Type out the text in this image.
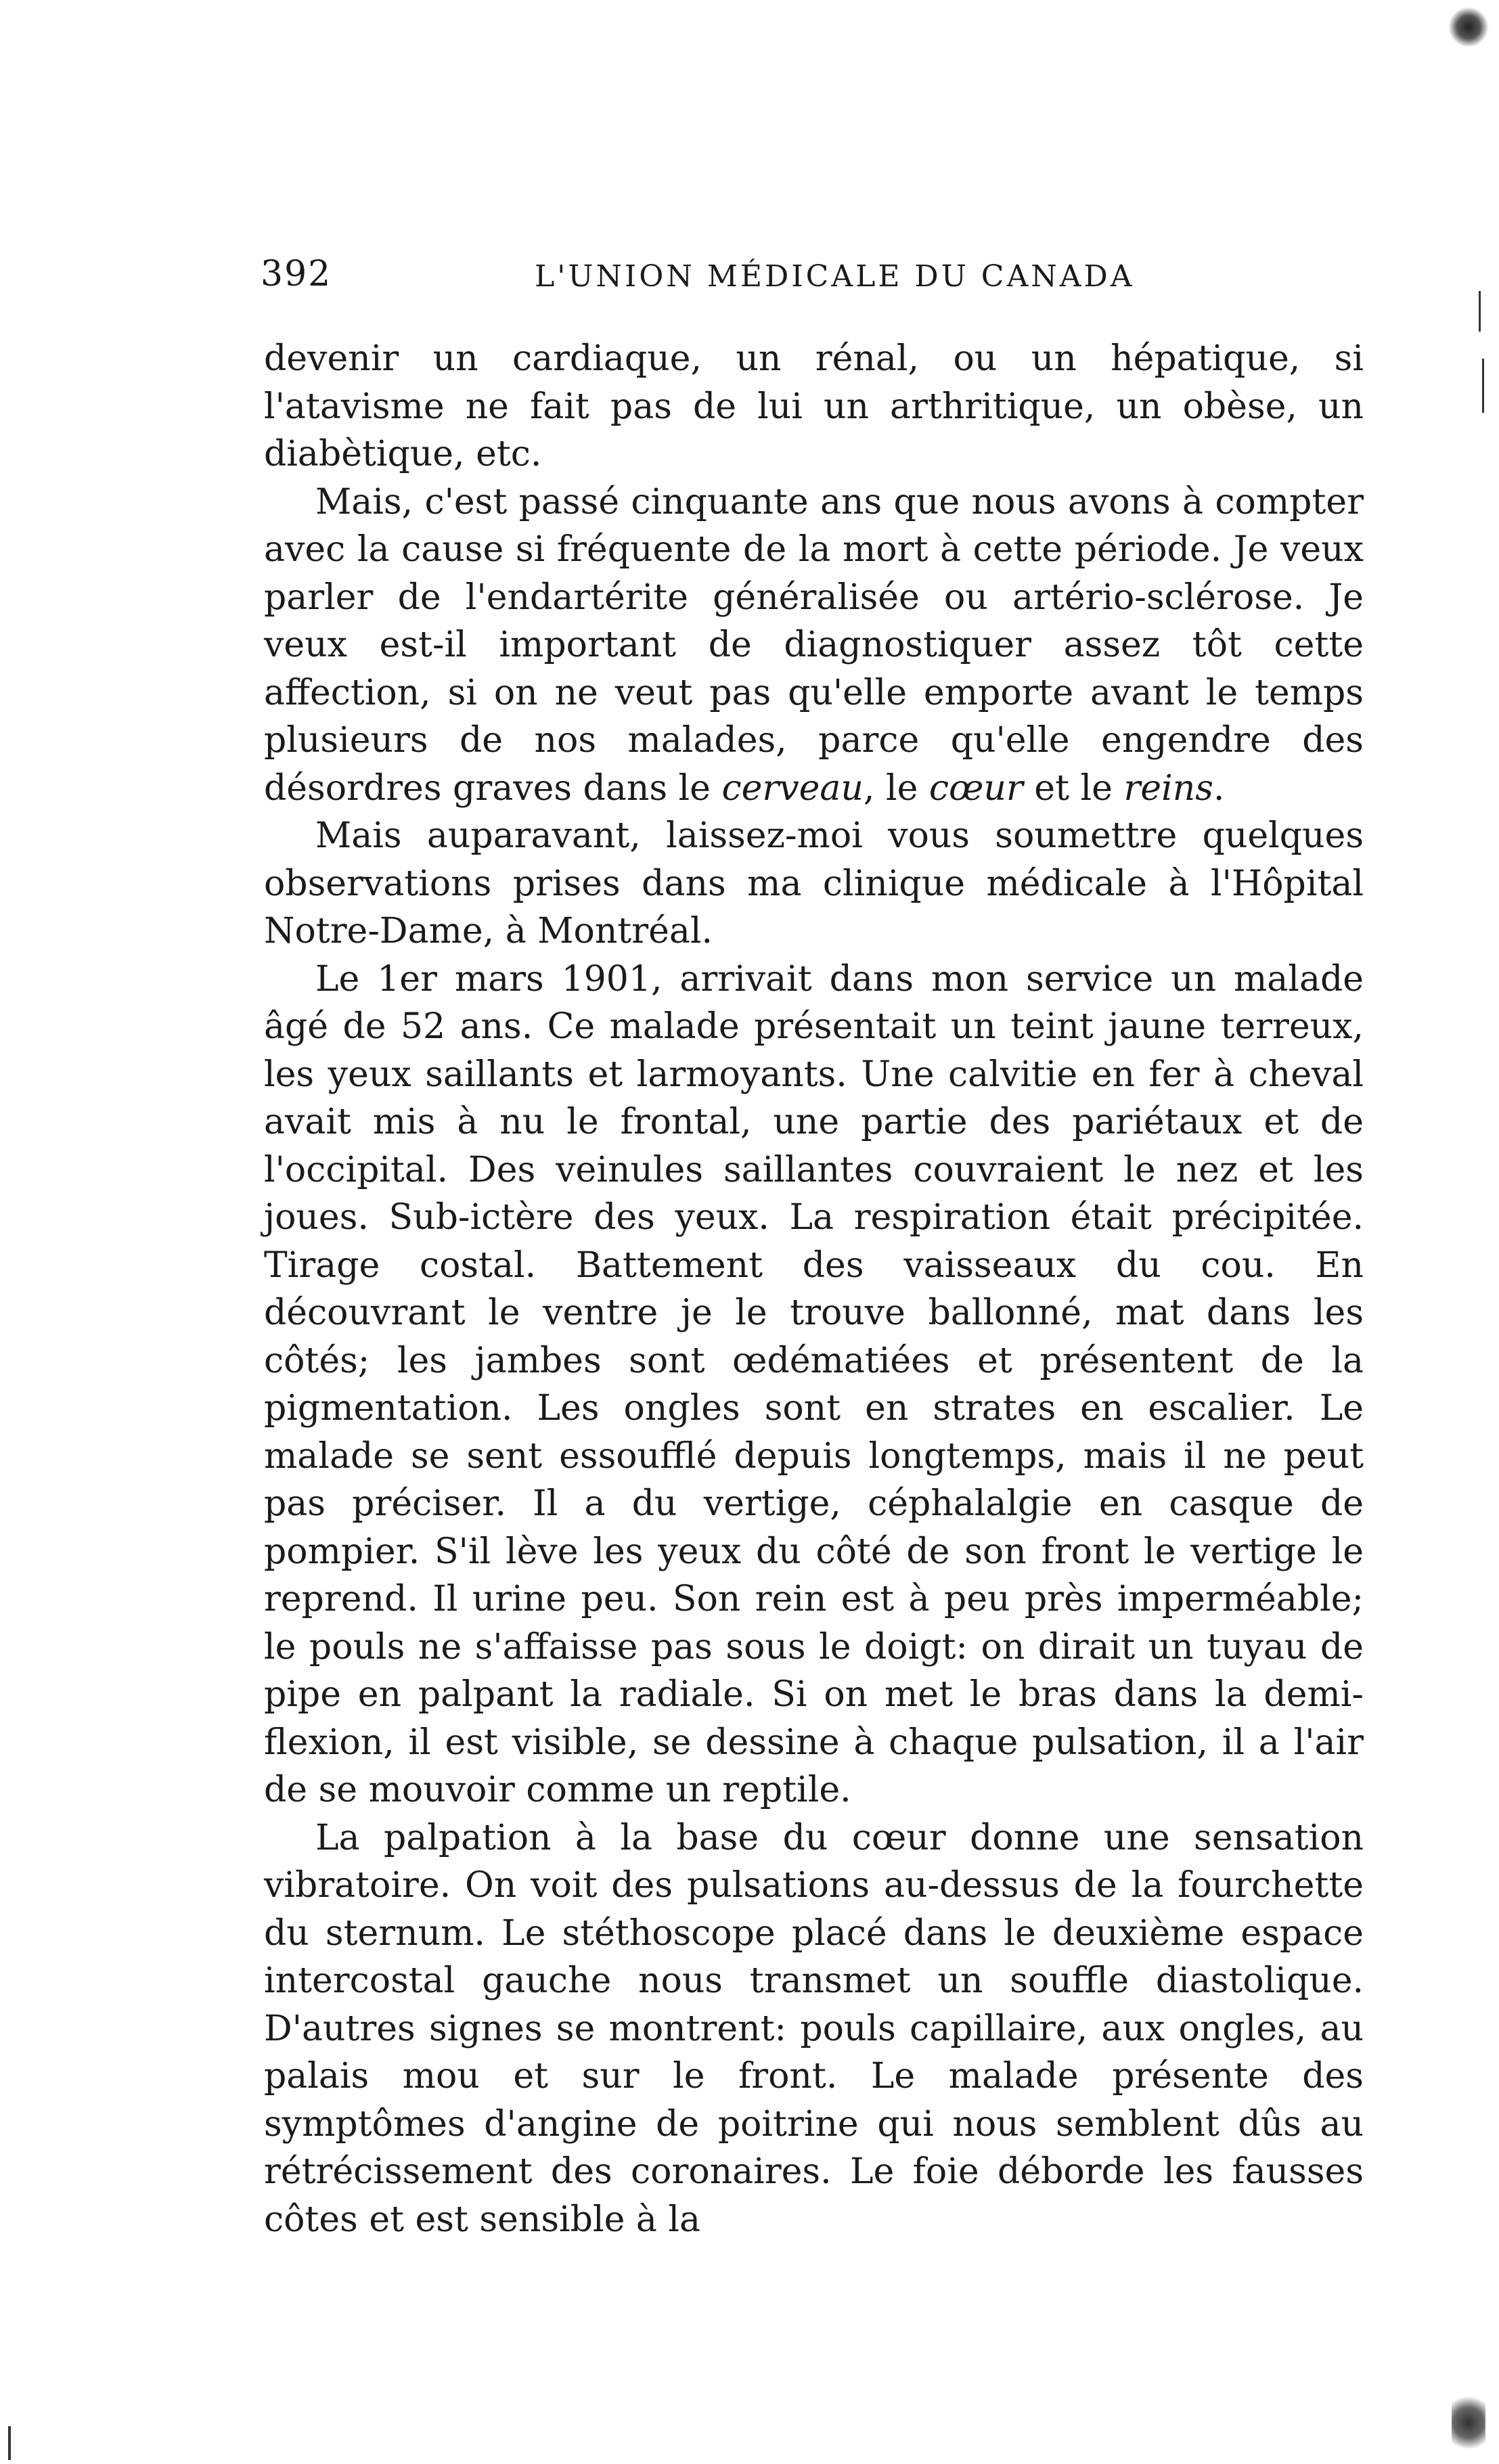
392	L'UNION MÉDICALE DU CANADA

devenir un cardiaque, un rénal, ou un hépatique, si l'atavisme ne fait pas de lui un arthritique, un obèse, un diabètique, etc.

Mais, c'est passé cinquante ans que nous avons à compter avec la cause si fréquente de la mort à cette période. Je veux parler de l'endartérite généralisée ou artério-sclérose. Je veux est-il important de diagnostiquer assez tôt cette affection, si on ne veut pas qu'elle emporte avant le temps plusieurs de nos malades, parce qu'elle engendre des désordres graves dans le cerveau, le cœur et le reins.

Mais auparavant, laissez-moi vous soumettre quelques observations prises dans ma clinique médicale à l'Hôpital Notre-Dame, à Montréal.

Le 1er mars 1901, arrivait dans mon service un malade âgé de 52 ans. Ce malade présentait un teint jaune terreux, les yeux saillants et larmoyants. Une calvitie en fer à cheval avait mis à nu le frontal, une partie des pariétaux et de l'occipital. Des veinules saillantes couvraient le nez et les joues. Sub-ictère des yeux. La respiration était précipitée. Tirage costal. Battement des vaisseaux du cou. En découvrant le ventre je le trouve ballonné, mat dans les côtés; les jambes sont œdématiées et présentent de la pigmentation. Les ongles sont en strates en escalier. Le malade se sent essoufflé depuis longtemps, mais il ne peut pas préciser. Il a du vertige, céphalalgie en casque de pompier. S'il lève les yeux du côté de son front le vertige le reprend. Il urine peu. Son rein est à peu près imperméable; le pouls ne s'affaisse pas sous le doigt: on dirait un tuyau de pipe en palpant la radiale. Si on met le bras dans la demi-flexion, il est visible, se dessine à chaque pulsation, il a l'air de se mouvoir comme un reptile.

La palpation à la base du cœur donne une sensation vibratoire. On voit des pulsations au-dessus de la fourchette du sternum. Le stéthoscope placé dans le deuxième espace intercostal gauche nous transmet un souffle diastolique. D'autres signes se montrent: pouls capillaire, aux ongles, au palais mou et sur le front. Le malade présente des symptômes d'angine de poitrine qui nous semblent dûs au rétrécissement des coronaires. Le foie déborde les fausses côtes et est sensible à la
